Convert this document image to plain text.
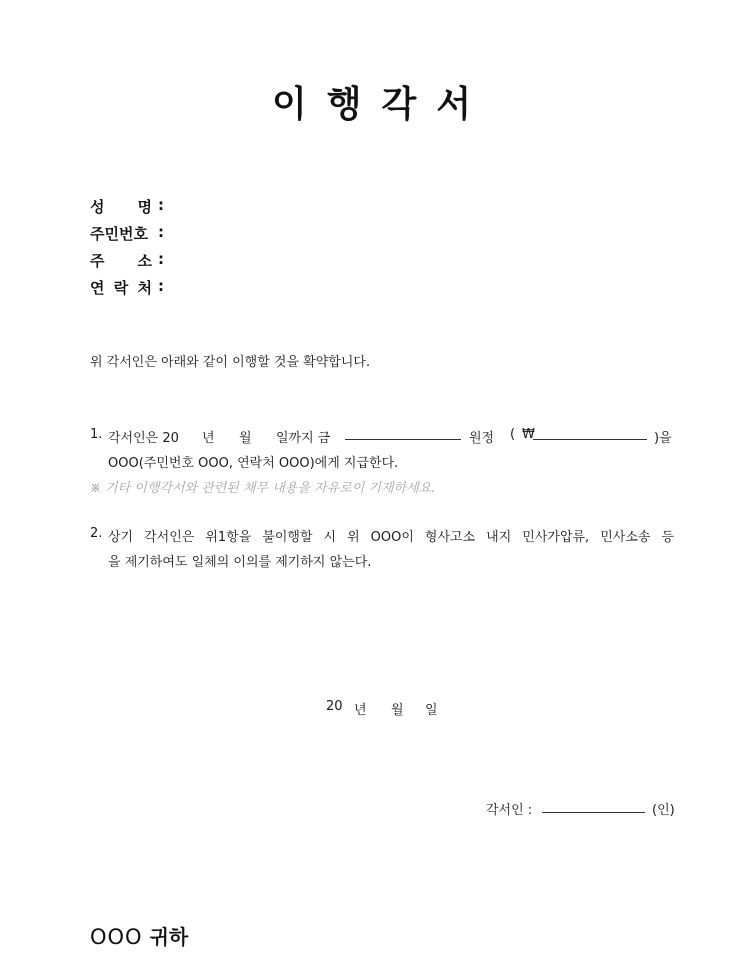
이행각서
성 명 :
주민번호 :
주 소 :
연 락 처 :
위 각서인은 아래와 같이 이행할 것을 확약합니다.
1. 각서인은 20 년 월 일까지 금	원정 ( ₩	)을
OOO(주민번호 OOO, 연락처 OOO)에게 지급한다.
※ 기타 이행각서와 관련된 채무 내용을 자유로이 기재하세요.
2. 상기 각서인은 위1항을 불이행할 시 위 OOO이 형사고소 내지 민사가압류, 민사소송 등
을 제기하여도 일체의 이의를 제기하지 않는다.
20 년 월 일
각서인 :	(인)
OOO 귀하
